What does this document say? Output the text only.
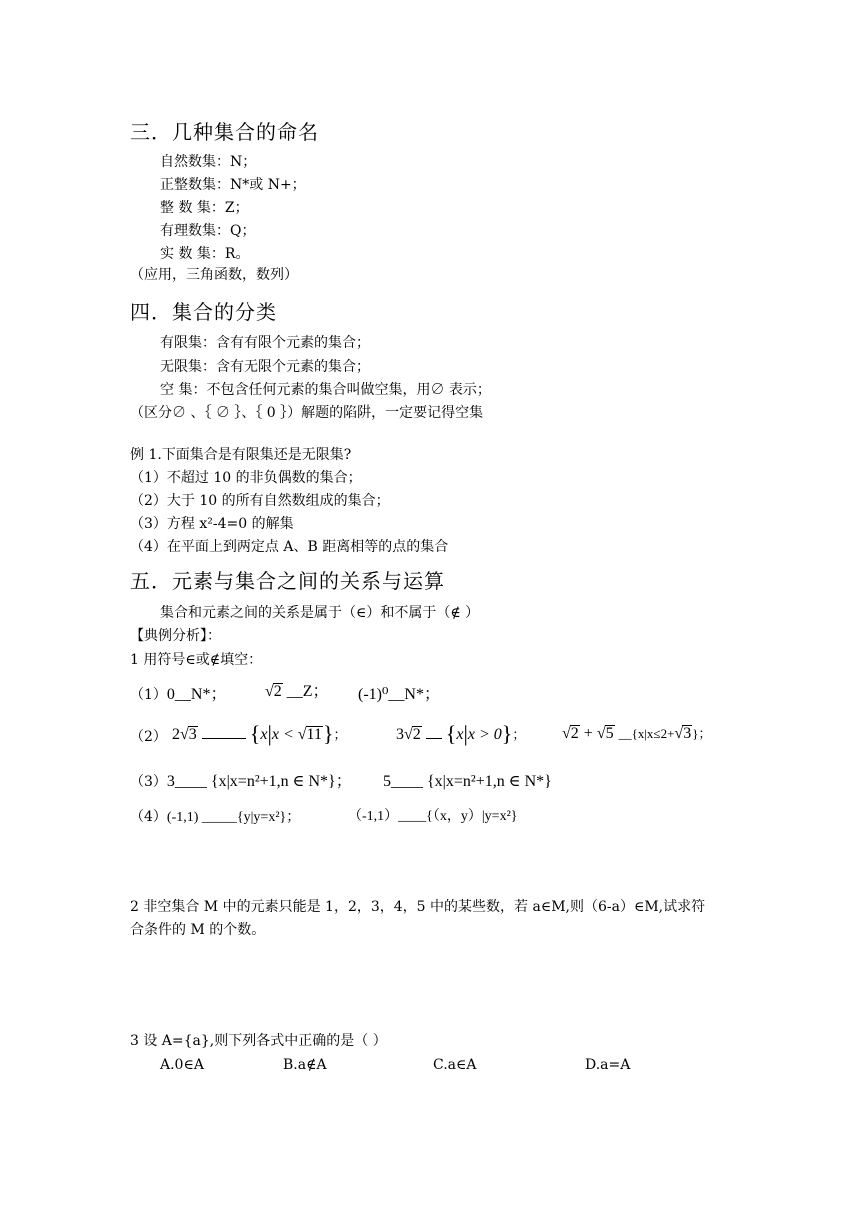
三．几种集合的命名
自然数集：N；
正整数集：N*或 N+；
整 数 集：Z；
有理数集：Q；
实 数 集：R。
（应用，三角函数，数列）
四．集合的分类
有限集：含有有限个元素的集合；
无限集：含有无限个元素的集合；
空 集：不包含任何元素的集合叫做空集，用∅ 表示；
（区分∅ 、｛ ∅ ｝、｛ 0 ｝）解题的陷阱，一定要记得空集
例 1.下面集合是有限集还是无限集?
（1）不超过 10 的非负偶数的集合；
（2）大于 10 的所有自然数组成的集合；
（3）方程 x²-4=0 的解集
（4）在平面上到两定点 A、B 距离相等的点的集合
五．元素与集合之间的关系与运算
集合和元素之间的关系是属于（∈）和不属于（∉ ）
【典例分析】：
1 用符号∈或∉填空：
（1）0__N*； √2 __Z； (-1)⁰__N*；
（2） 2√3 {x|x < √11}；	3√2 {x|x > 0}； √2 + √5 __{x|x≤2+√3}；
（3）3____ {x|x=n²+1,n ∈ N*}； 5____ {x|x=n²+1,n ∈ N*}
（4）(-1,1) _____{y|y=x²}；	（-1,1）____{（x，y）|y=x²}
2 非空集合 M 中的元素只能是 1，2，3，4，5 中的某些数，若 a∈M,则（6-a）∈M,试求符
合条件的 M 的个数。
3 设 A={a},则下列各式中正确的是（ ）
A.0∈A	B.a∉A	C.a∈A	D.a=A
